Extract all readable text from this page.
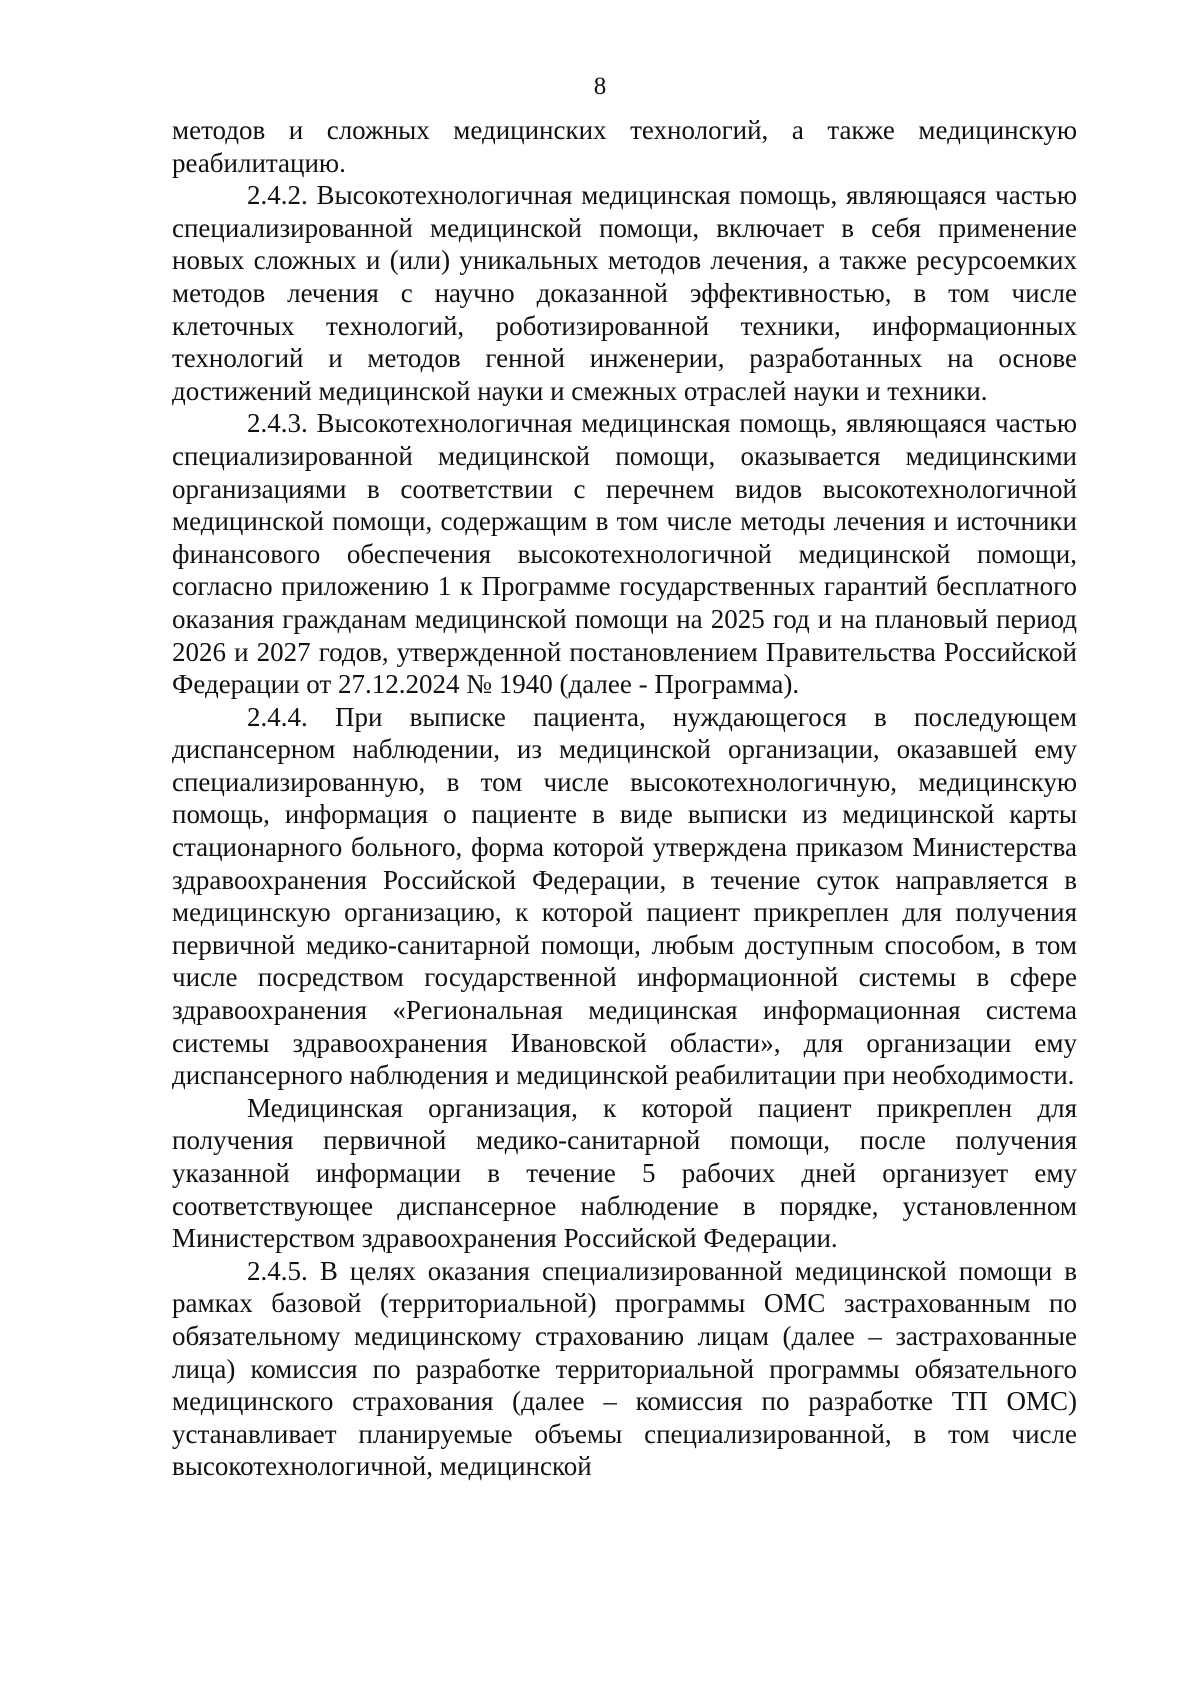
8

методов и сложных медицинских технологий, а также медицинскую реабилитацию.

2.4.2. Высокотехнологичная медицинская помощь, являющаяся частью специализированной медицинской помощи, включает в себя применение новых сложных и (или) уникальных методов лечения, а также ресурсоемких методов лечения с научно доказанной эффективностью, в том числе клеточных технологий, роботизированной техники, информационных технологий и методов генной инженерии, разработанных на основе достижений медицинской науки и смежных отраслей науки и техники.

2.4.3. Высокотехнологичная медицинская помощь, являющаяся частью специализированной медицинской помощи, оказывается медицинскими организациями в соответствии с перечнем видов высокотехнологичной медицинской помощи, содержащим в том числе методы лечения и источники финансового обеспечения высокотехнологичной медицинской помощи, согласно приложению 1 к Программе государственных гарантий бесплатного оказания гражданам медицинской помощи на 2025 год и на плановый период 2026 и 2027 годов, утвержденной постановлением Правительства Российской Федерации от 27.12.2024 № 1940 (далее - Программа).

2.4.4. При выписке пациента, нуждающегося в последующем диспансерном наблюдении, из медицинской организации, оказавшей ему специализированную, в том числе высокотехнологичную, медицинскую помощь, информация о пациенте в виде выписки из медицинской карты стационарного больного, форма которой утверждена приказом Министерства здравоохранения Российской Федерации, в течение суток направляется в медицинскую организацию, к которой пациент прикреплен для получения первичной медико-санитарной помощи, любым доступным способом, в том числе посредством государственной информационной системы в сфере здравоохранения «Региональная медицинская информационная система системы здравоохранения Ивановской области», для организации ему диспансерного наблюдения и медицинской реабилитации при необходимости.

Медицинская организация, к которой пациент прикреплен для получения первичной медико-санитарной помощи, после получения указанной информации в течение 5 рабочих дней организует ему соответствующее диспансерное наблюдение в порядке, установленном Министерством здравоохранения Российской Федерации.

2.4.5. В целях оказания специализированной медицинской помощи в рамках базовой (территориальной) программы ОМС застрахованным по обязательному медицинскому страхованию лицам (далее – застрахованные лица) комиссия по разработке территориальной программы обязательного медицинского страхования (далее – комиссия по разработке ТП ОМС) устанавливает планируемые объемы специализированной, в том числе высокотехнологичной, медицинской
